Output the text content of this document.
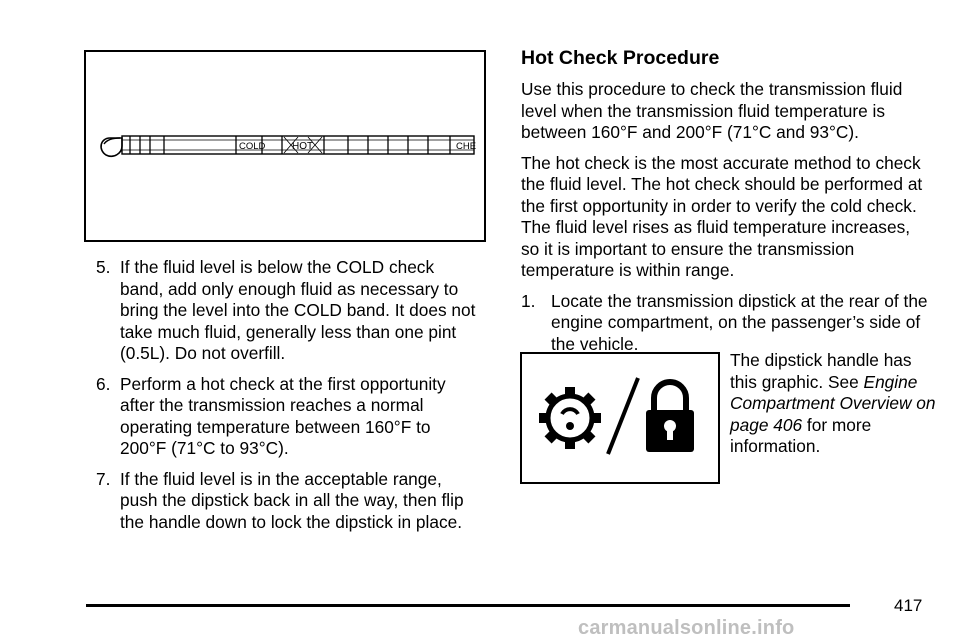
COLD	HOT	CHE
5. If the fluid level is below the COLD check band, add only enough fluid as necessary to bring the level into the COLD band. It does not take much fluid, generally less than one pint (0.5L). Do not overfill.
6. Perform a hot check at the first opportunity after the transmission reaches a normal operating temperature between 160°F to 200°F (71°C to 93°C).
7. If the fluid level is in the acceptable range, push the dipstick back in all the way, then flip the handle down to lock the dipstick in place.
Hot Check Procedure

Use this procedure to check the transmission fluid level when the transmission fluid temperature is between 160°F and 200°F (71°C and 93°C).

The hot check is the most accurate method to check the fluid level. The hot check should be performed at the first opportunity in order to verify the cold check. The fluid level rises as fluid temperature increases, so it is important to ensure the transmission temperature is within range.

1. Locate the transmission dipstick at the rear of the engine compartment, on the passenger’s side of the vehicle.
The dipstick handle has this graphic. See Engine Compartment Overview on page 406 for more information.
417
carmanualsonline.info
